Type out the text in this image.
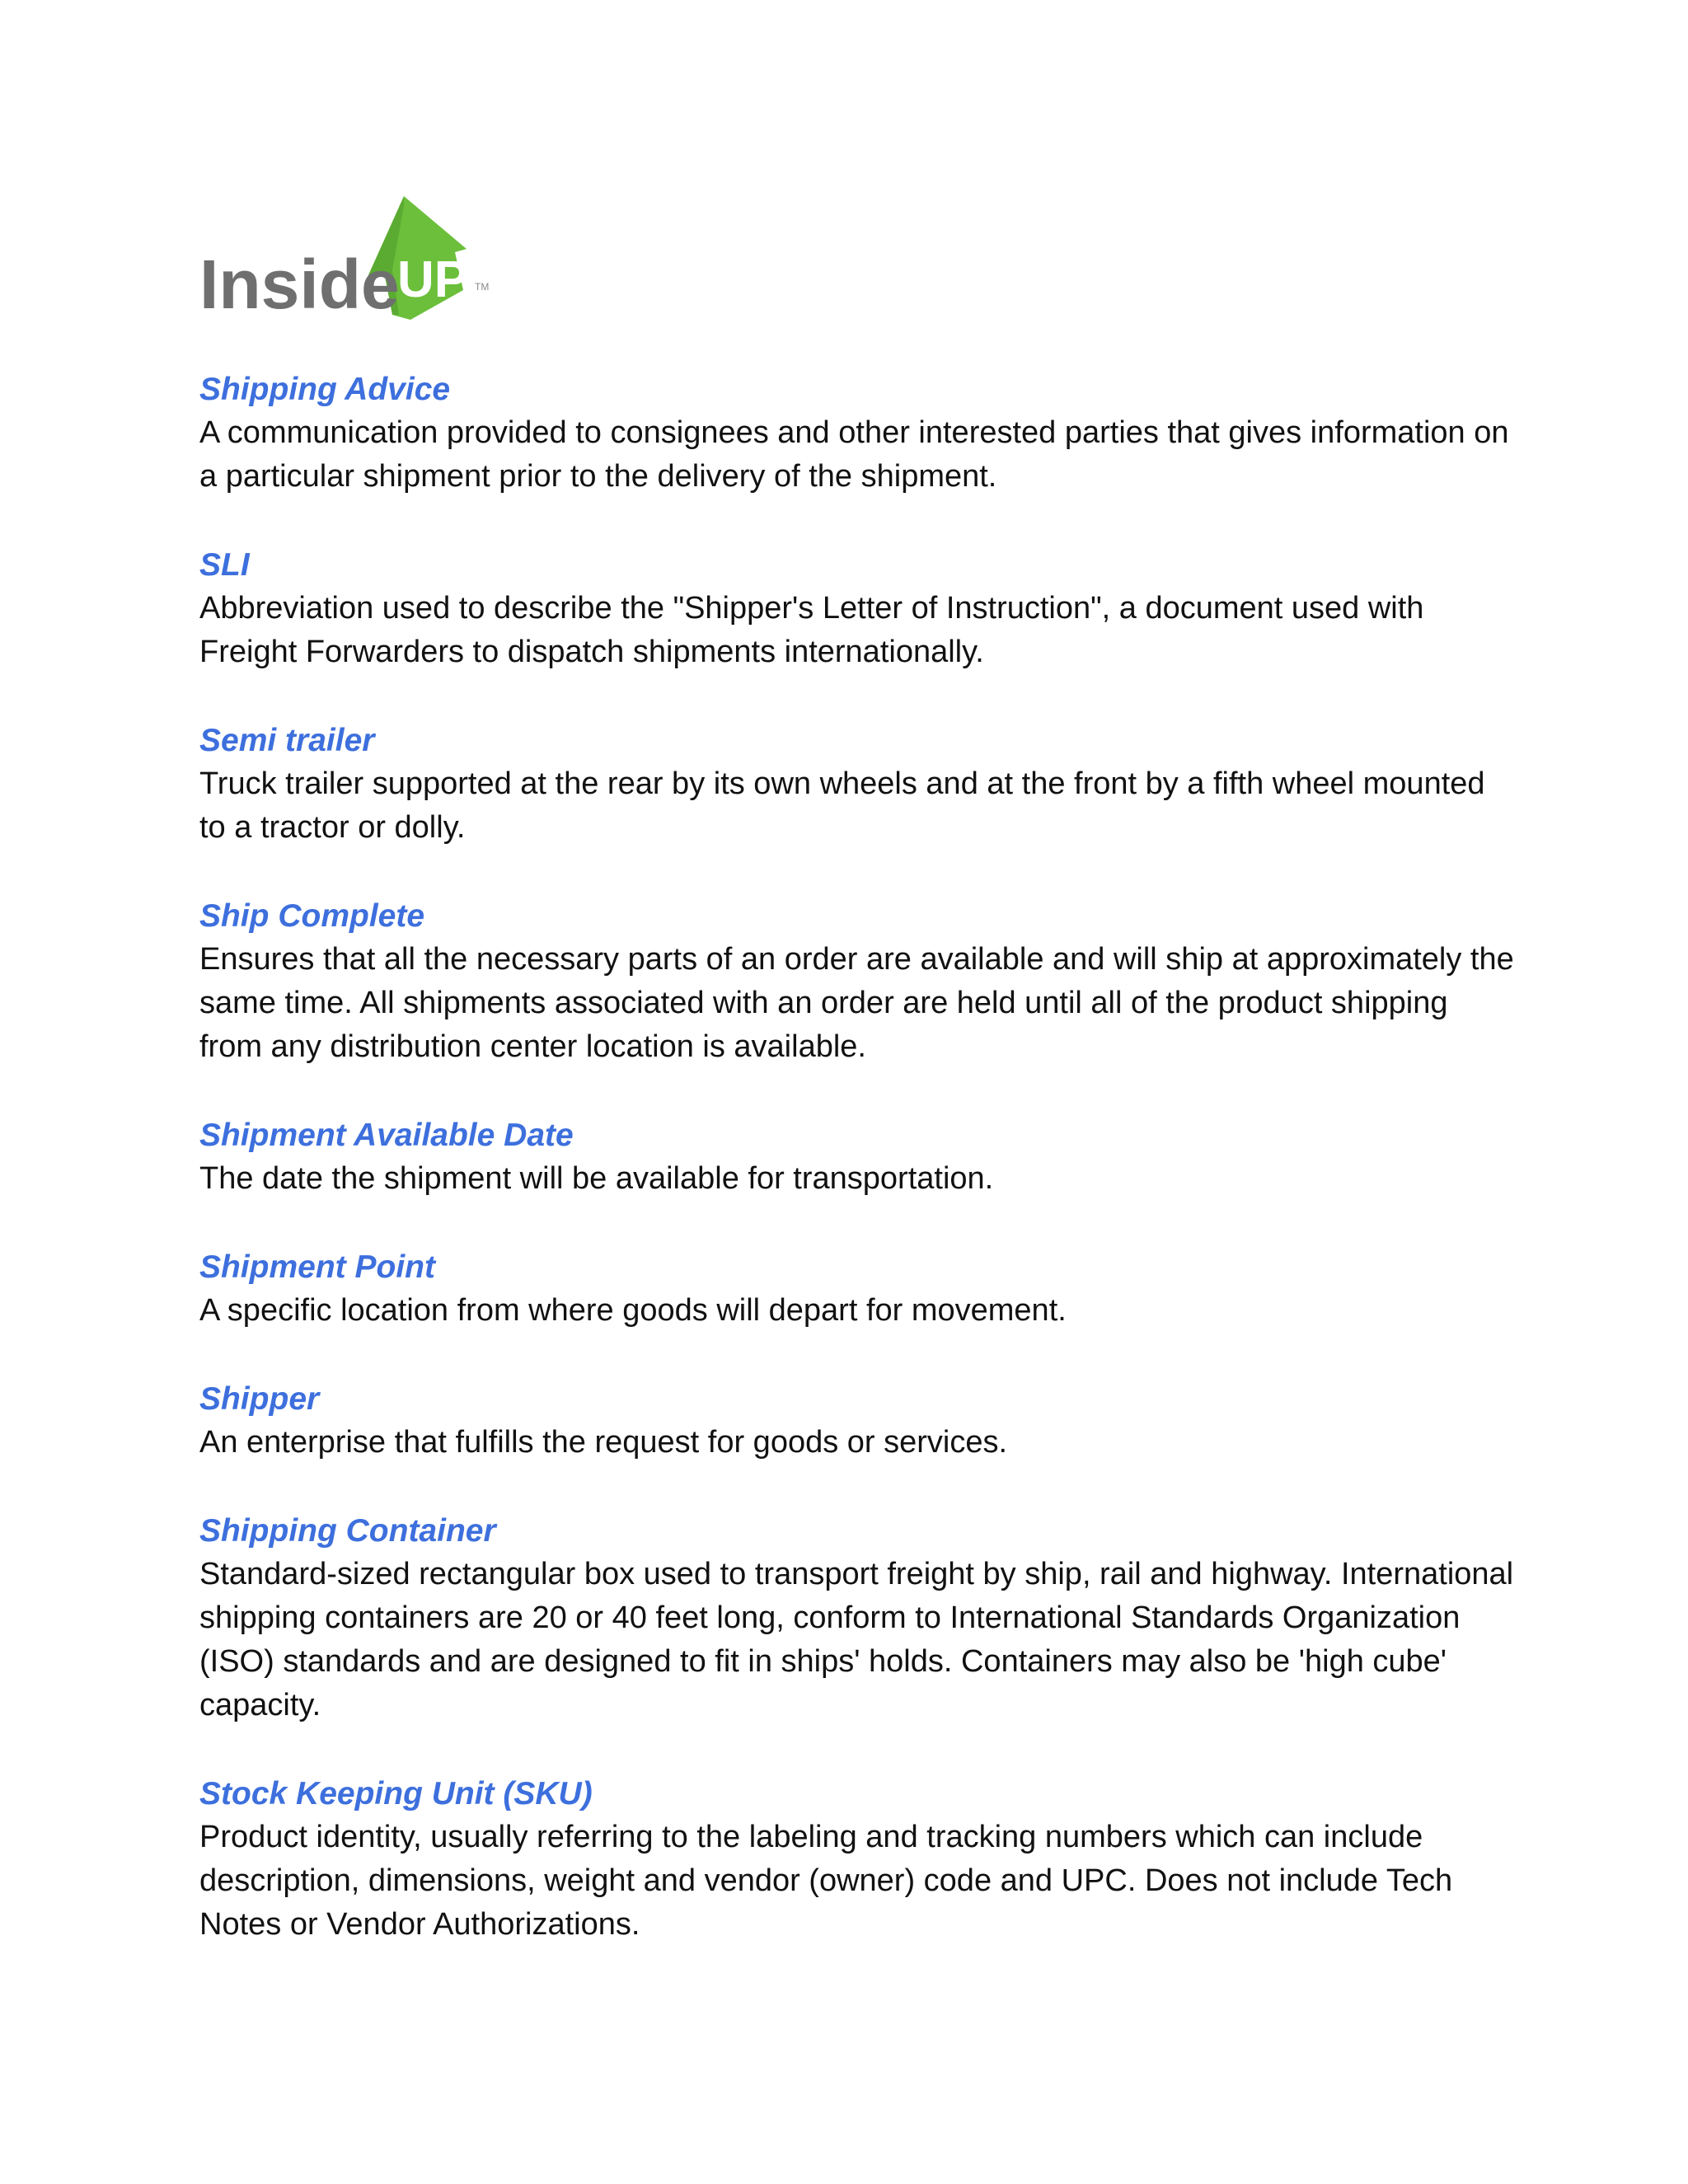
Inside
UP TM

Shipping Advice

A communication provided to consignees and other interested parties that gives information on a particular shipment prior to the delivery of the shipment.

SLI

Abbreviation used to describe the "Shipper's Letter of Instruction", a document used with Freight Forwarders to dispatch shipments internationally.

Semi trailer

Truck trailer supported at the rear by its own wheels and at the front by a fifth wheel mounted to a tractor or dolly.

Ship Complete

Ensures that all the necessary parts of an order are available and will ship at approximately the same time. All shipments associated with an order are held until all of the product shipping from any distribution center location is available.

Shipment Available Date

The date the shipment will be available for transportation.

Shipment Point

A specific location from where goods will depart for movement.

Shipper

An enterprise that fulfills the request for goods or services.

Shipping Container

Standard-sized rectangular box used to transport freight by ship, rail and highway. International shipping containers are 20 or 40 feet long, conform to International Standards Organization (ISO) standards and are designed to fit in ships' holds. Containers may also be 'high cube' capacity.

Stock Keeping Unit (SKU)

Product identity, usually referring to the labeling and tracking numbers which can include description, dimensions, weight and vendor (owner) code and UPC. Does not include Tech Notes or Vendor Authorizations.
